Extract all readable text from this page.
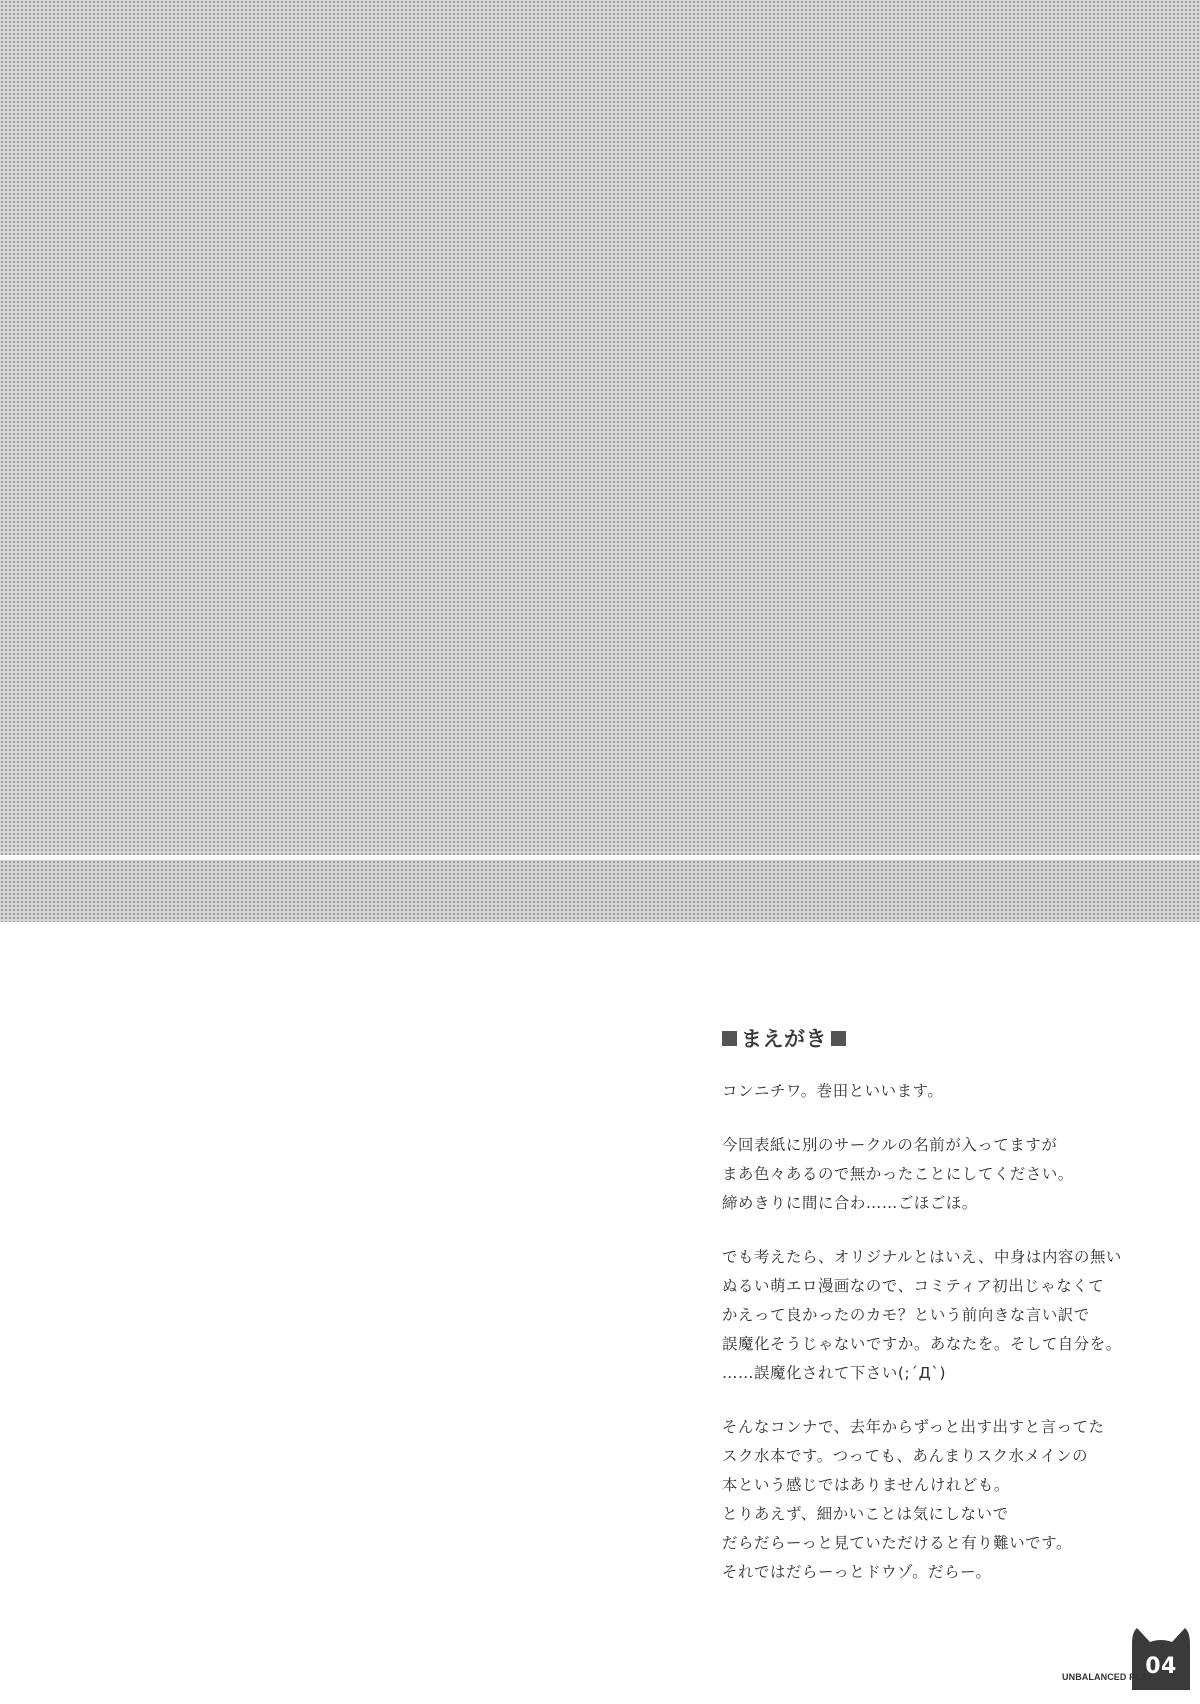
まえがき
コンニチワ。巻田といいます。
今回表紙に別のサークルの名前が入ってますが
まあ色々あるので無かったことにしてください。
締めきりに間に合わ……ごほごほ。
でも考えたら、オリジナルとはいえ、中身は内容の無い
ぬるい萌エロ漫画なので、コミティア初出じゃなくて
かえって良かったのカモ？という前向きな言い訳で
誤魔化そうじゃないですか。あなたを。そして自分を。
……誤魔化されて下さい(;´Д`)
そんなコンナで、去年からずっと出す出すと言ってた
スク水本です。つっても、あんまりスク水メインの
本という感じではありませんけれども。
とりあえず、細かいことは気にしないで
だらだらーっと見ていただけると有り難いです。
それではだらーっとドウゾ。だらー。
04
UNBALANCED PLAY
